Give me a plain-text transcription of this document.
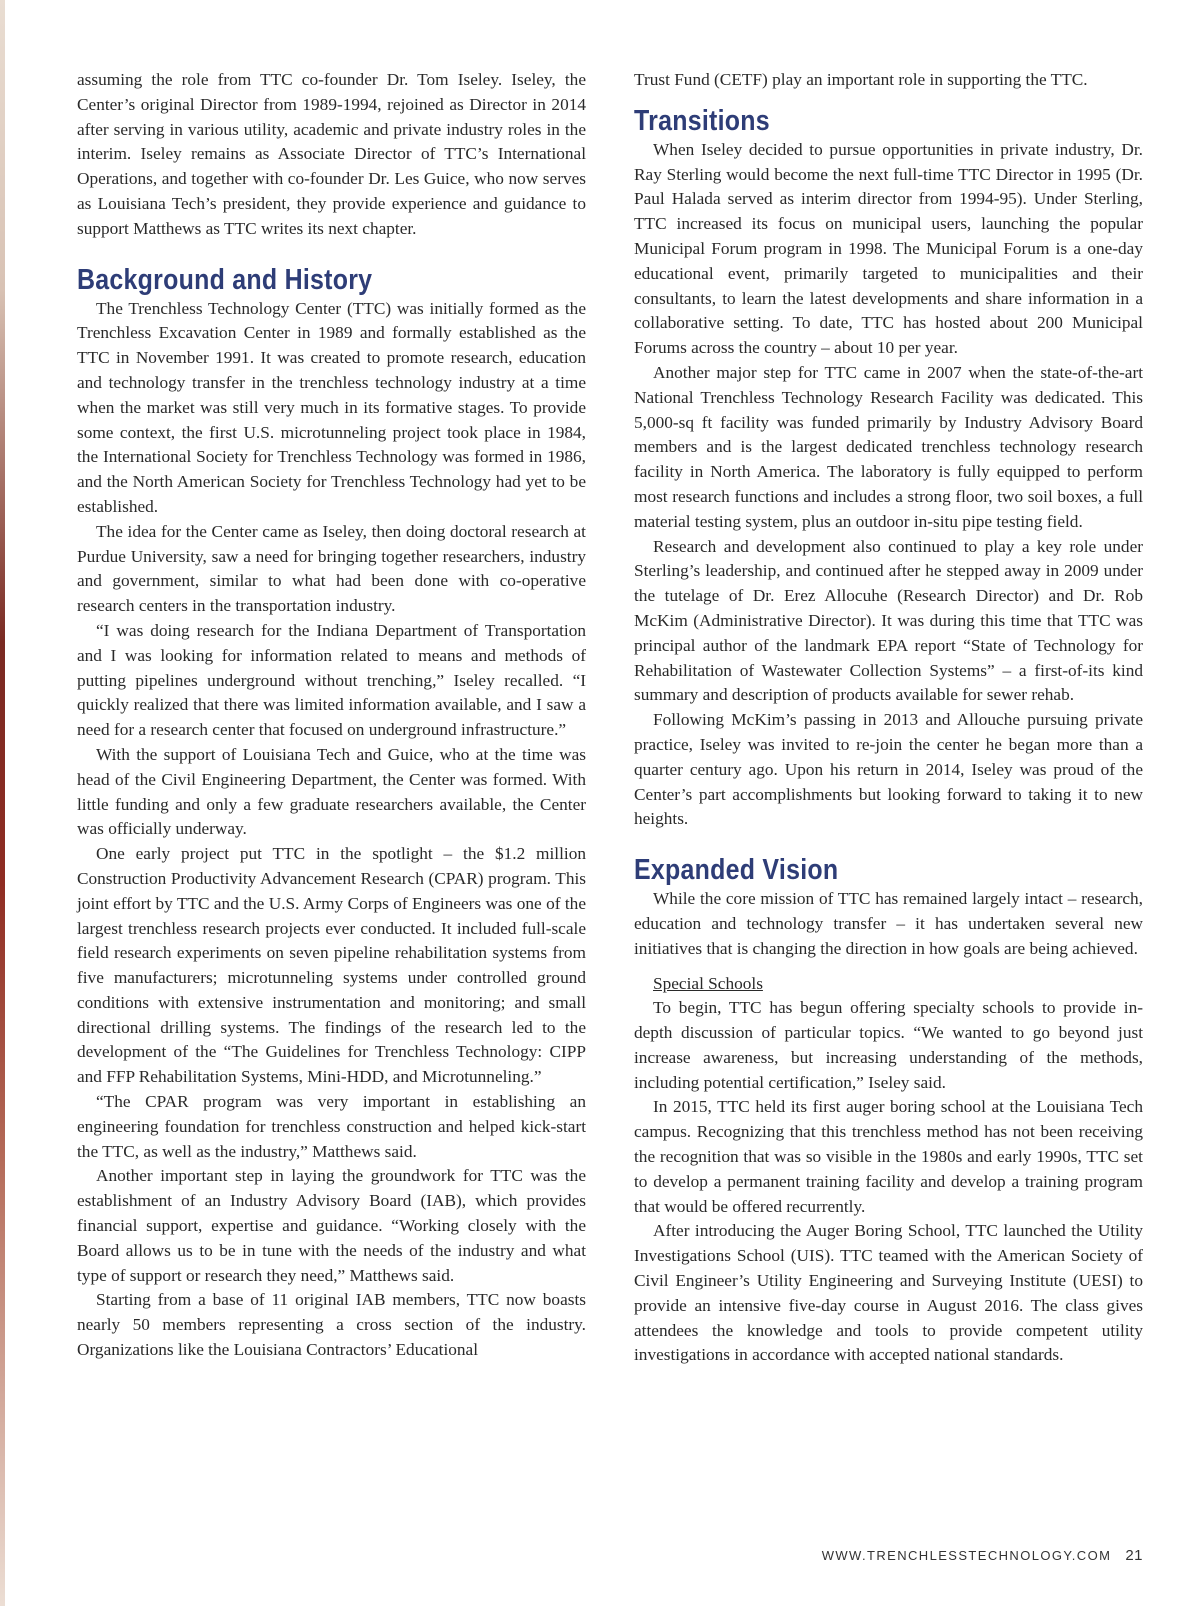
assuming the role from TTC co-founder Dr. Tom Iseley. Iseley, the Center’s original Director from 1989-1994, rejoined as Director in 2014 after serving in various utility, academic and private industry roles in the interim. Iseley remains as Associate Director of TTC’s International Operations, and together with co-founder Dr. Les Guice, who now serves as Louisiana Tech’s president, they provide experience and guidance to support Matthews as TTC writes its next chapter.

Background and History

The Trenchless Technology Center (TTC) was initially formed as the Trenchless Excavation Center in 1989 and formally established as the TTC in November 1991. It was created to promote research, education and technology transfer in the trenchless technology industry at a time when the market was still very much in its formative stages. To provide some context, the first U.S. microtunneling project took place in 1984, the International Society for Trenchless Technology was formed in 1986, and the North American Society for Trenchless Technology had yet to be established.

The idea for the Center came as Iseley, then doing doctoral research at Purdue University, saw a need for bringing together researchers, industry and government, similar to what had been done with co-operative research centers in the transportation industry.

“I was doing research for the Indiana Department of Transportation and I was looking for information related to means and methods of putting pipelines underground without trenching,” Iseley recalled. “I quickly realized that there was limited information available, and I saw a need for a research center that focused on underground infrastructure.”

With the support of Louisiana Tech and Guice, who at the time was head of the Civil Engineering Department, the Center was formed. With little funding and only a few graduate researchers available, the Center was officially underway.

One early project put TTC in the spotlight – the $1.2 million Construction Productivity Advancement Research (CPAR) program. This joint effort by TTC and the U.S. Army Corps of Engineers was one of the largest trenchless research projects ever conducted. It included full-scale field research experiments on seven pipeline rehabilitation systems from five manufacturers; microtunneling systems under controlled ground conditions with extensive instrumentation and monitoring; and small directional drilling systems. The findings of the research led to the development of the “The Guidelines for Trenchless Technology: CIPP and FFP Rehabilitation Systems, Mini-HDD, and Microtunneling.”

“The CPAR program was very important in establishing an engineering foundation for trenchless construction and helped kick-start the TTC, as well as the industry,” Matthews said.

Another important step in laying the groundwork for TTC was the establishment of an Industry Advisory Board (IAB), which provides financial support, expertise and guidance. “Working closely with the Board allows us to be in tune with the needs of the industry and what type of support or research they need,” Matthews said.

Starting from a base of 11 original IAB members, TTC now boasts nearly 50 members representing a cross section of the industry. Organizations like the Louisiana Contractors’ Educational

Trust Fund (CETF) play an important role in supporting the TTC.

Transitions

When Iseley decided to pursue opportunities in private industry, Dr. Ray Sterling would become the next full-time TTC Director in 1995 (Dr. Paul Halada served as interim director from 1994-95). Under Sterling, TTC increased its focus on municipal users, launching the popular Municipal Forum program in 1998. The Municipal Forum is a one-day educational event, primarily targeted to municipalities and their consultants, to learn the latest developments and share information in a collaborative setting. To date, TTC has hosted about 200 Municipal Forums across the country – about 10 per year.

Another major step for TTC came in 2007 when the state-of-the-art National Trenchless Technology Research Facility was dedicated. This 5,000-sq ft facility was funded primarily by Industry Advisory Board members and is the largest dedicated trenchless technology research facility in North America. The laboratory is fully equipped to perform most research functions and includes a strong floor, two soil boxes, a full material testing system, plus an outdoor in-situ pipe testing field.

Research and development also continued to play a key role under Sterling’s leadership, and continued after he stepped away in 2009 under the tutelage of Dr. Erez Allocuhe (Research Director) and Dr. Rob McKim (Administrative Director). It was during this time that TTC was principal author of the landmark EPA report “State of Technology for Rehabilitation of Wastewater Collection Systems” – a first-of-its kind summary and description of products available for sewer rehab.

Following McKim’s passing in 2013 and Allouche pursuing private practice, Iseley was invited to re-join the center he began more than a quarter century ago. Upon his return in 2014, Iseley was proud of the Center’s part accomplishments but looking forward to taking it to new heights.

Expanded Vision

While the core mission of TTC has remained largely intact – research, education and technology transfer – it has undertaken several new initiatives that is changing the direction in how goals are being achieved.

Special Schools

To begin, TTC has begun offering specialty schools to provide in-depth discussion of particular topics. “We wanted to go beyond just increase awareness, but increasing understanding of the methods, including potential certification,” Iseley said.

In 2015, TTC held its first auger boring school at the Louisiana Tech campus. Recognizing that this trenchless method has not been receiving the recognition that was so visible in the 1980s and early 1990s, TTC set to develop a permanent training facility and develop a training program that would be offered recurrently.

After introducing the Auger Boring School, TTC launched the Utility Investigations School (UIS). TTC teamed with the American Society of Civil Engineer’s Utility Engineering and Surveying Institute (UESI) to provide an intensive five-day course in August 2016. The class gives attendees the knowledge and tools to provide competent utility investigations in accordance with accepted national standards.

WWW.TRENCHLESSTECHNOLOGY.COM 21
